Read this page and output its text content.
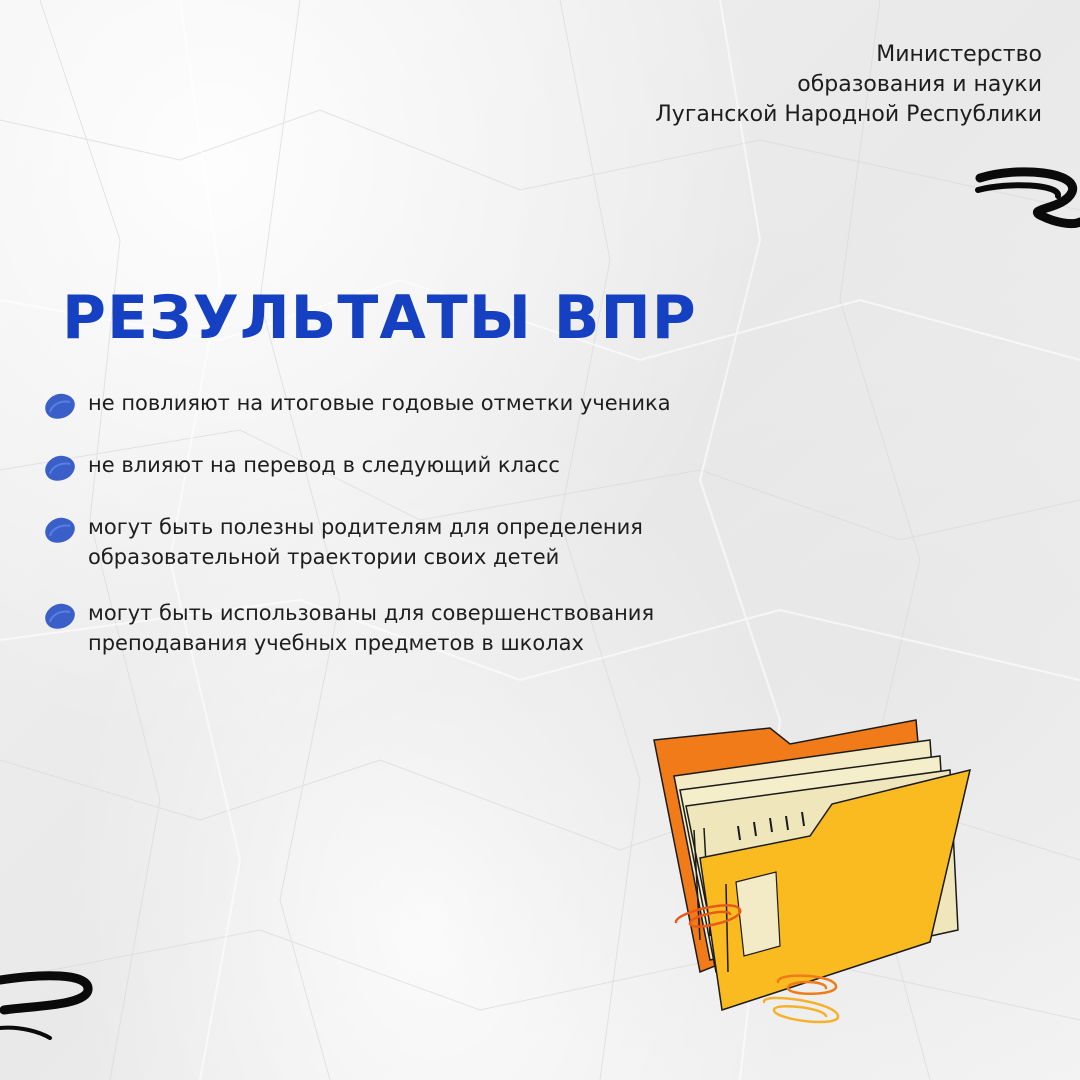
Министерство
образования и науки
Луганской Народной Республики
РЕЗУЛЬТАТЫ ВПР
не повлияют на итоговые годовые отметки ученика
не влияют на перевод в следующий класс
могут быть полезны родителям для определения
образовательной траектории своих детей
могут быть использованы для совершенствования
преподавания учебных предметов в школах
